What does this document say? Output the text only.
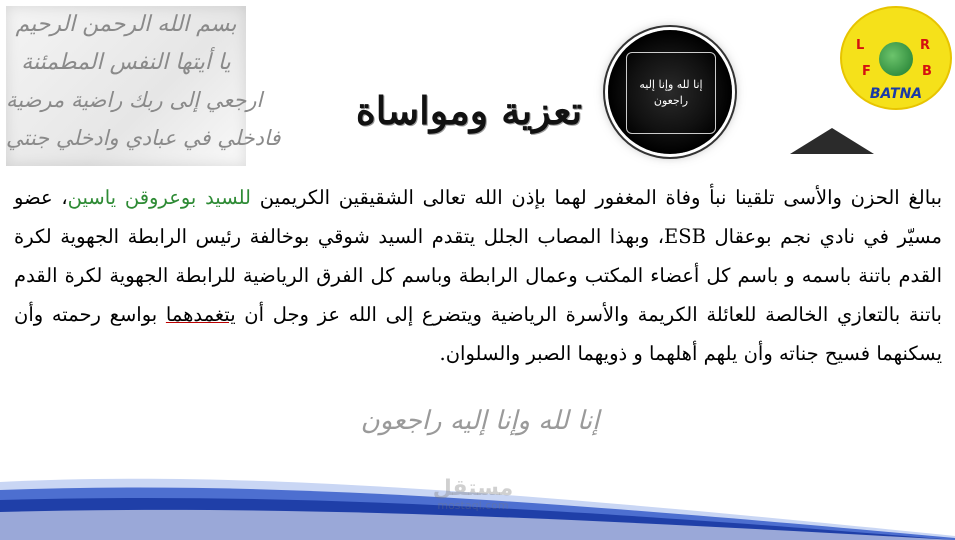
بسم الله الرحمن الرحيم
يا أيتها النفس المطمئنة
ارجعي إلى ربك راضية مرضية
فادخلي في عبادي وادخلي جنتي
إنا لله وإنا إليه
راجعون
L	R
F	B
BATNA
تعزية ومواساة
ببالغ الحزن والأسى تلقينا نبأ وفاة المغفور لهما بإذن الله تعالى الشقيقين الكريمين للسيد بوعروقن ياسين، عضو مسيّر في نادي نجم بوعقال ESB، وبهذا المصاب الجلل يتقدم السيد شوقي بوخالفة رئيس الرابطة الجهوية لكرة القدم باتنة باسمه و باسم كل أعضاء المكتب وعمال الرابطة وباسم كل الفرق الرياضية للرابطة الجهوية لكرة القدم باتنة بالتعازي الخالصة للعائلة الكريمة والأسرة الرياضية ويتضرع إلى الله عز وجل أن يتغمدهما بواسع رحمته وأن يسكنهما فسيح جناته وأن يلهم أهلهما و ذويهما الصبر والسلوان.
إنا لله وإنا إليه راجعون
مستقل
mostaql.com
